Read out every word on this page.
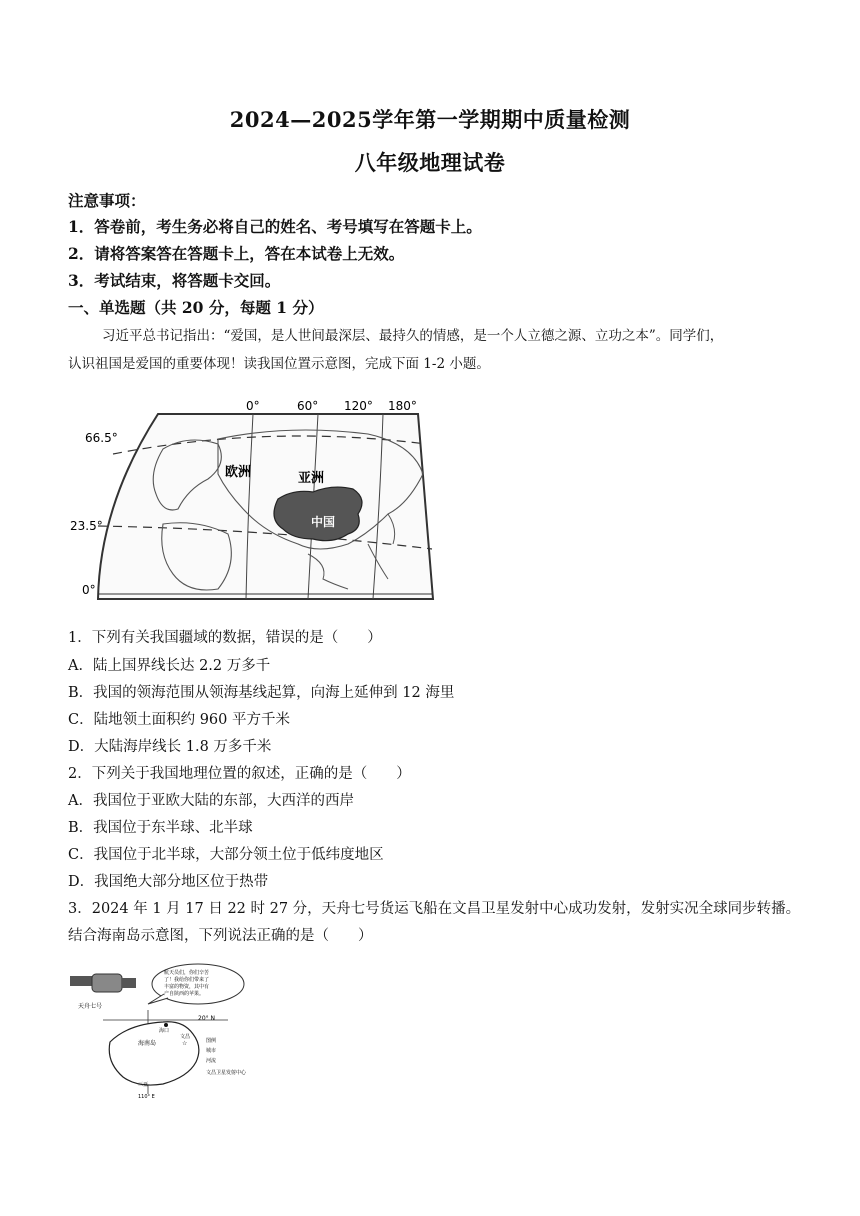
2024—2025学年第一学期期中质量检测
八年级地理试卷
注意事项：
1．答卷前，考生务必将自己的姓名、考号填写在答题卡上。
2．请将答案答在答题卡上，答在本试卷上无效。
3．考试结束，将答题卡交回。
一、单选题（共 20 分，每题 1 分）
习近平总书记指出：“爱国，是人世间最深层、最持久的情感，是一个人立德之源、立功之本”。同学们，
认识祖国是爱国的重要体现！读我国位置示意图，完成下面 1-2 小题。
0°	60° 120° 180°
66.5°
23.5°
0°
欧洲	亚洲
中国
1．下列有关我国疆域的数据，错误的是（　　）
A．陆上国界线长达 2.2 万多千
B．我国的领海范围从领海基线起算，向海上延伸到 12 海里
C．陆地领土面积约 960 平方千米
D．大陆海岸线长 1.8 万多千米
2．下列关于我国地理位置的叙述，正确的是（　　）
A．我国位于亚欧大陆的东部，大西洋的西岸
B．我国位于东半球、北半球
C．我国位于北半球，大部分领土位于低纬度地区
D．我国绝大部分地区位于热带
3．2024 年 1 月 17 日 22 时 27 分，天舟七号货运飞船在文昌卫星发射中心成功发射，发射实况全球同步转播。
结合海南岛示意图，下列说法正确的是（　　）
航天员们，你们辛苦
了！我给你们带来了
丰富的物资，其中有
产自陕西的苹果。
天舟七号
20° N
110° E
海南岛
海口
文昌
☆
三亚
图例
城市
河流
文昌卫星发射中心
